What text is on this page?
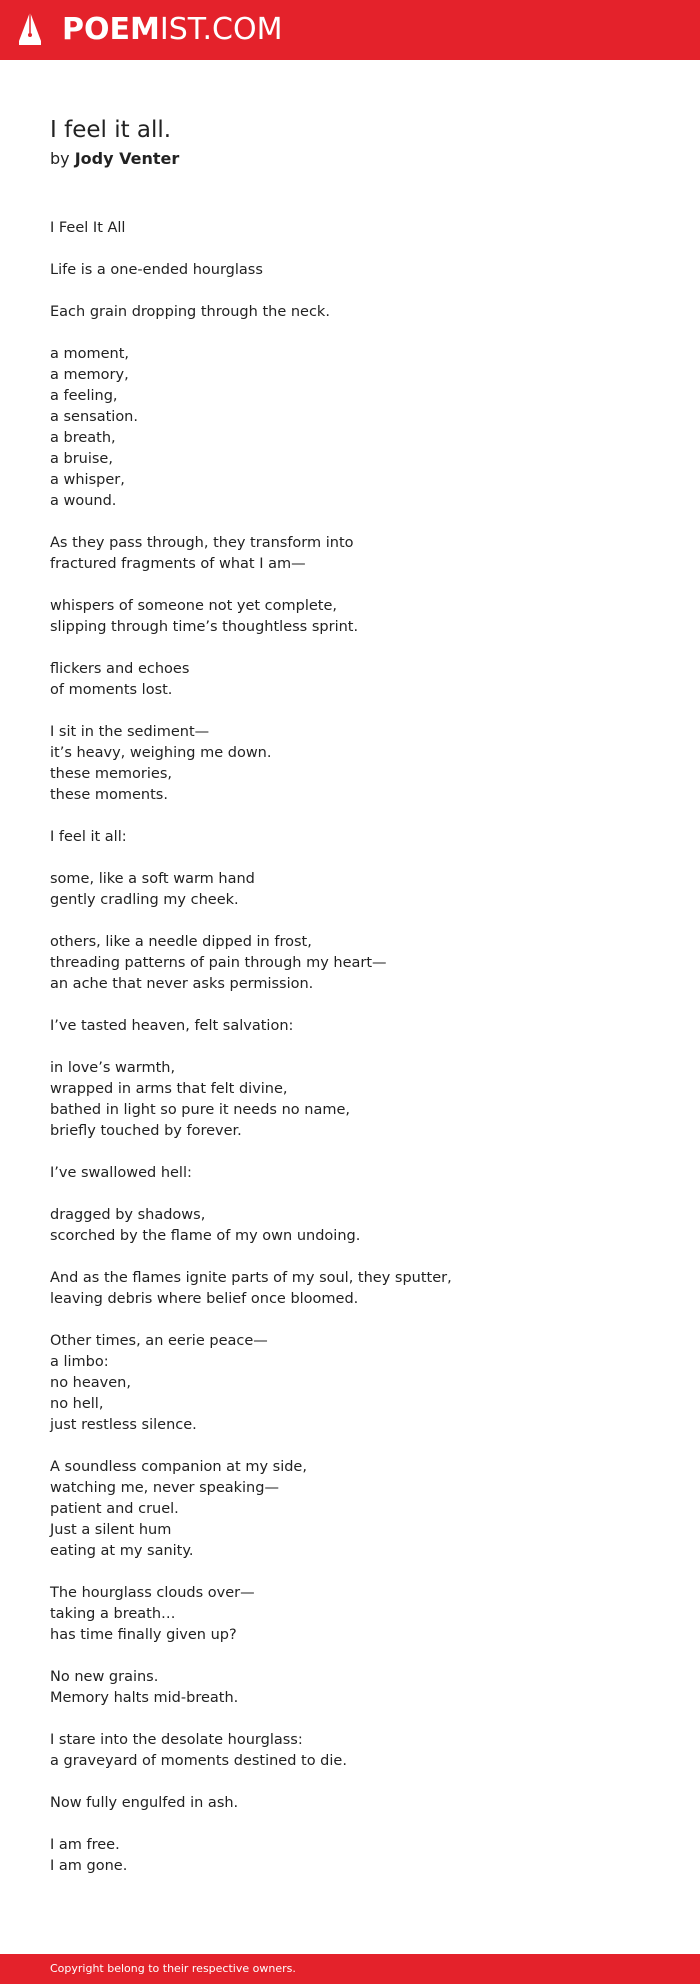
POEMIST.COM
I feel it all.
by Jody Venter
I Feel It All
Life is a one-ended hourglass
Each grain dropping through the neck.
a moment,
a memory,
a feeling,
a sensation.
a breath,
a bruise,
a whisper,
a wound.
As they pass through, they transform into
fractured fragments of what I am—
whispers of someone not yet complete,
slipping through time’s thoughtless sprint.
flickers and echoes
of moments lost.
I sit in the sediment—
it’s heavy, weighing me down.
these memories,
these moments.
I feel it all:
some, like a soft warm hand
gently cradling my cheek.
others, like a needle dipped in frost,
threading patterns of pain through my heart—
an ache that never asks permission.
I’ve tasted heaven, felt salvation:
in love’s warmth,
wrapped in arms that felt divine,
bathed in light so pure it needs no name,
briefly touched by forever.
I’ve swallowed hell:
dragged by shadows,
scorched by the flame of my own undoing.
And as the flames ignite parts of my soul, they sputter,
leaving debris where belief once bloomed.
Other times, an eerie peace—
a limbo:
no heaven,
no hell,
just restless silence.
A soundless companion at my side,
watching me, never speaking—
patient and cruel.
Just a silent hum
eating at my sanity.
The hourglass clouds over—
taking a breath…
has time finally given up?
No new grains.
Memory halts mid-breath.
I stare into the desolate hourglass:
a graveyard of moments destined to die.
Now fully engulfed in ash.
I am free.
I am gone.
Copyright belong to their respective owners.
